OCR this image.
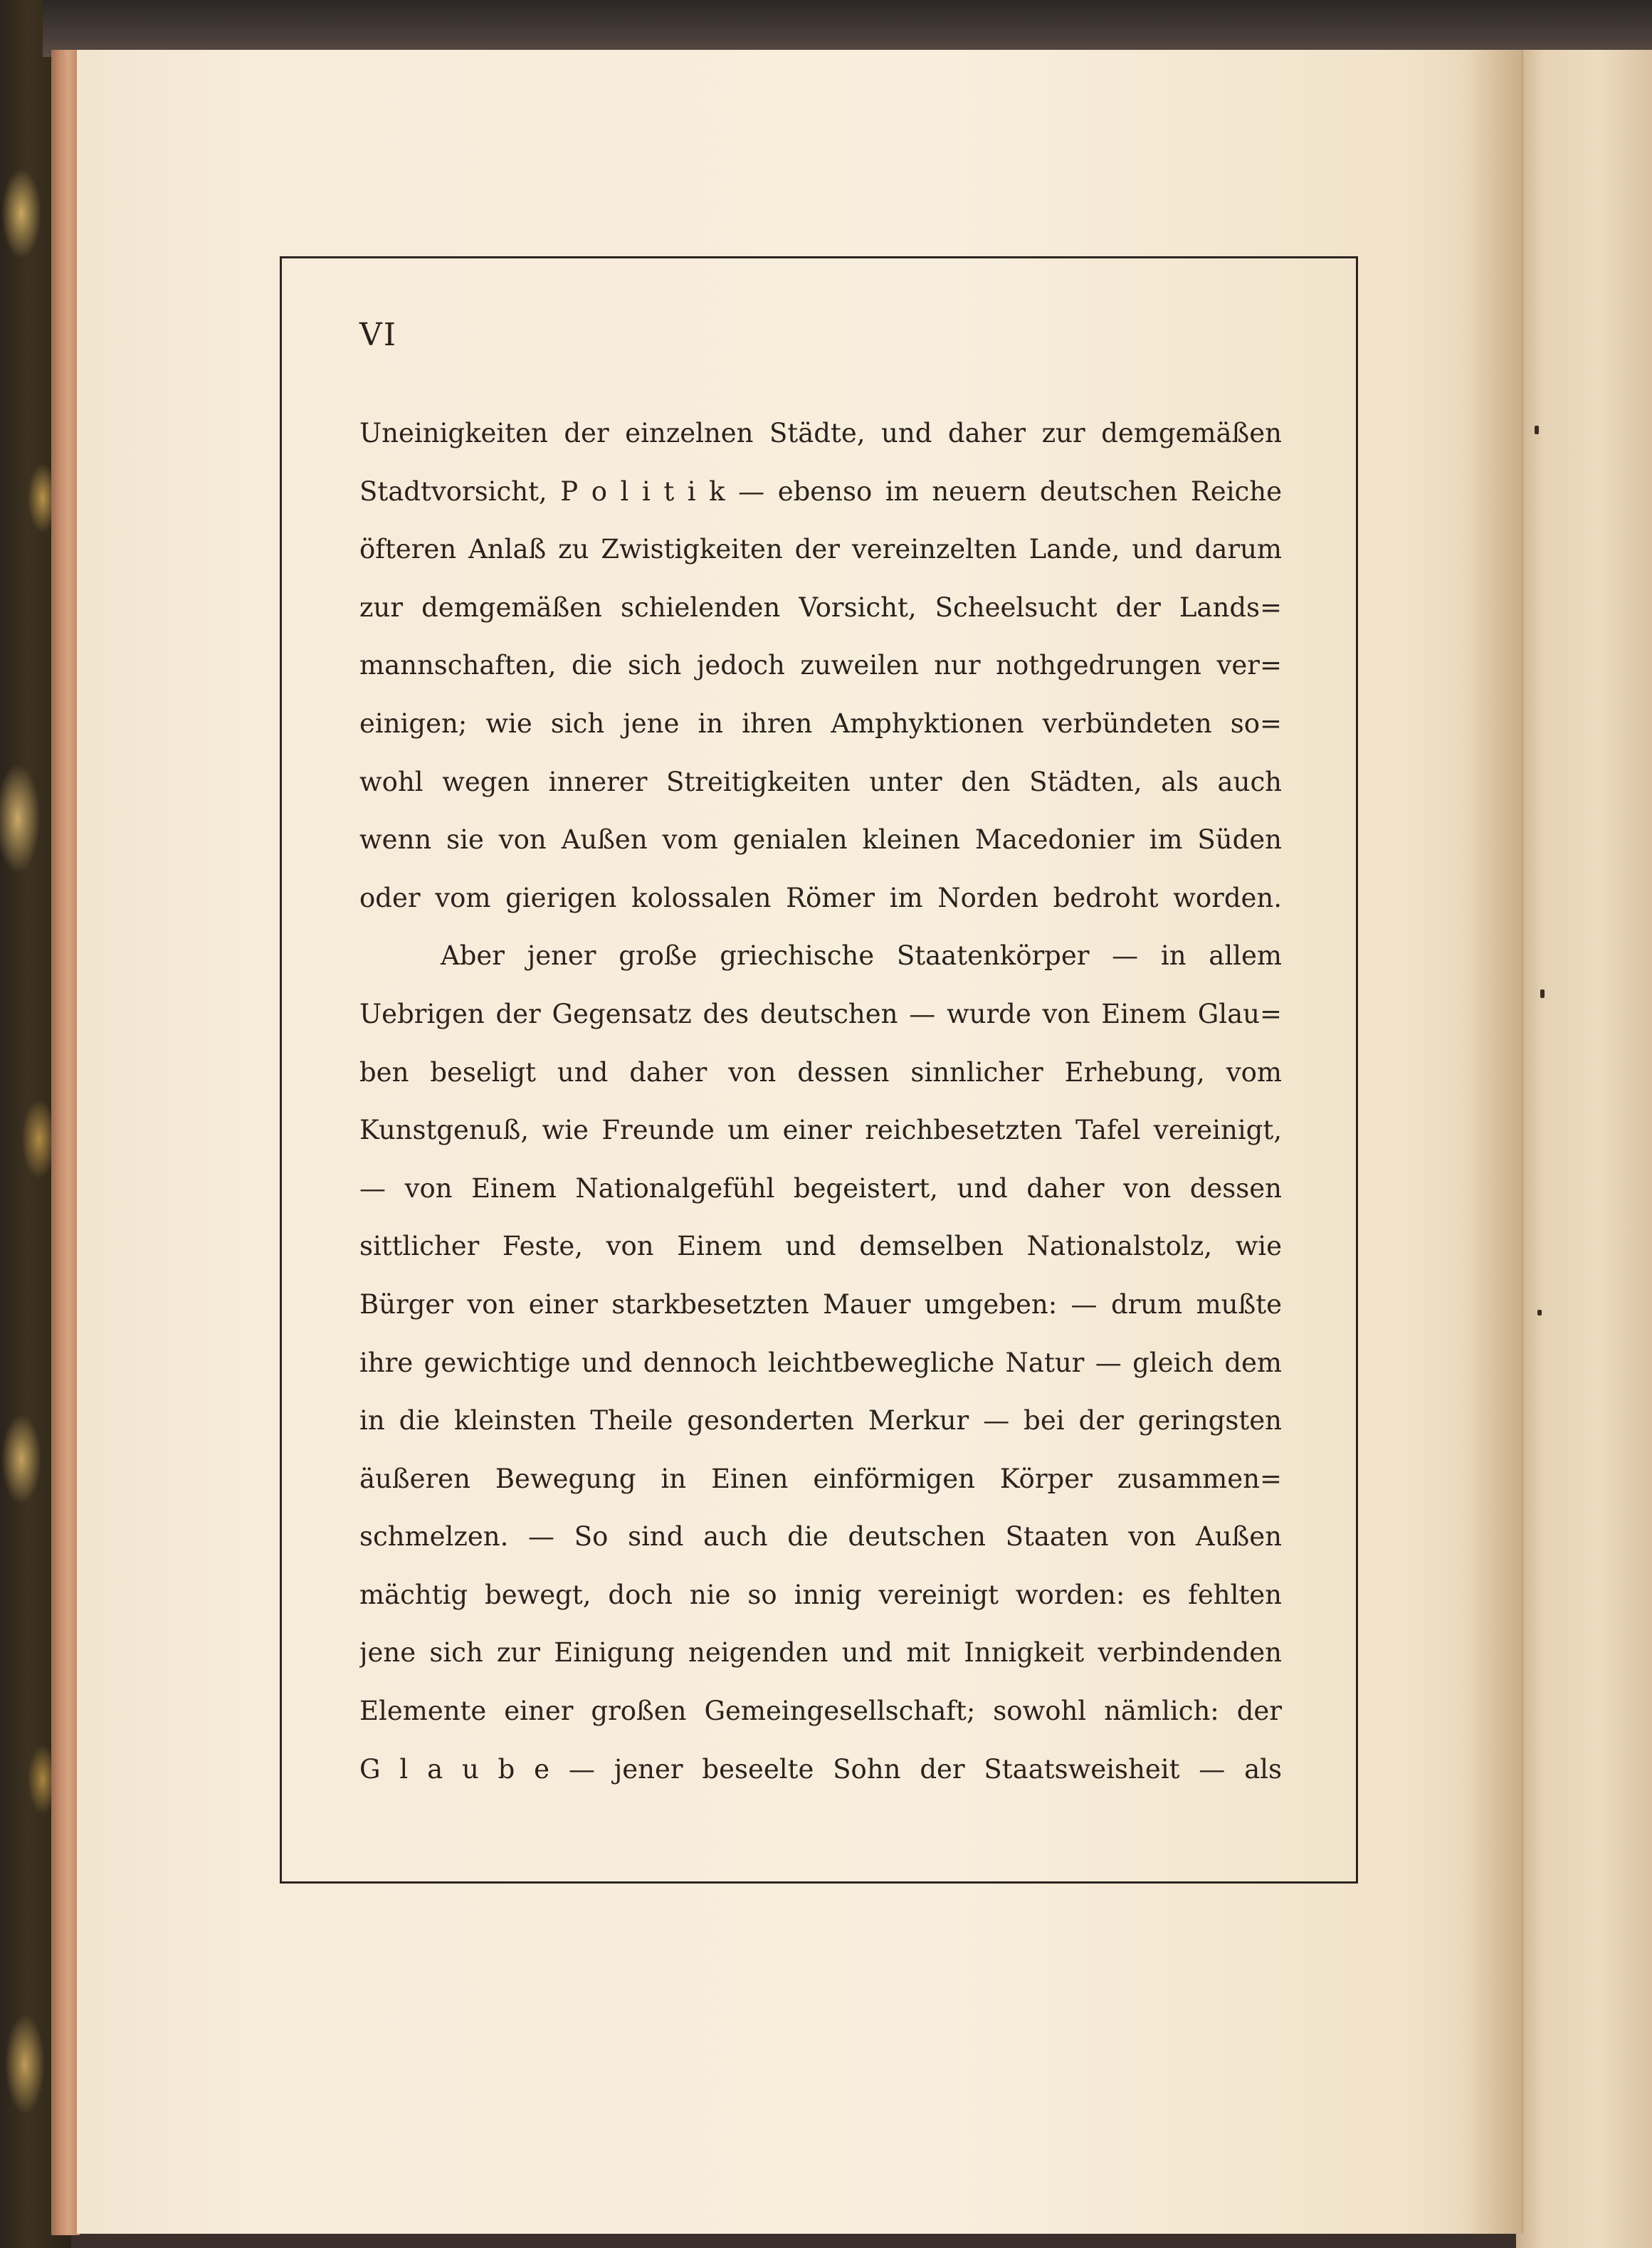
VI
Uneinigkeiten der einzelnen Städte, und daher zur demgemäßen
Stadtvorsicht, P o l i t i k — ebenso im neuern deutschen Reiche
öfteren Anlaß zu Zwistigkeiten der vereinzelten Lande, und darum
zur demgemäßen schielenden Vorsicht, Scheelsucht der Lands=
mannschaften, die sich jedoch zuweilen nur nothgedrungen ver=
einigen; wie sich jene in ihren Amphyktionen verbündeten so=
wohl wegen innerer Streitigkeiten unter den Städten, als auch
wenn sie von Außen vom genialen kleinen Macedonier im Süden
oder vom gierigen kolossalen Römer im Norden bedroht worden.
Aber jener große griechische Staatenkörper — in allem
Uebrigen der Gegensatz des deutschen — wurde von Einem Glau=
ben beseligt und daher von dessen sinnlicher Erhebung, vom
Kunstgenuß, wie Freunde um einer reichbesetzten Tafel vereinigt,
— von Einem Nationalgefühl begeistert, und daher von dessen
sittlicher Feste, von Einem und demselben Nationalstolz, wie
Bürger von einer starkbesetzten Mauer umgeben: — drum mußte
ihre gewichtige und dennoch leichtbewegliche Natur — gleich dem
in die kleinsten Theile gesonderten Merkur — bei der geringsten
äußeren Bewegung in Einen einförmigen Körper zusammen=
schmelzen. — So sind auch die deutschen Staaten von Außen
mächtig bewegt, doch nie so innig vereinigt worden: es fehlten
jene sich zur Einigung neigenden und mit Innigkeit verbindenden
Elemente einer großen Gemeingesellschaft; sowohl nämlich: der
G l a u b e — jener beseelte Sohn der Staatsweisheit — als
